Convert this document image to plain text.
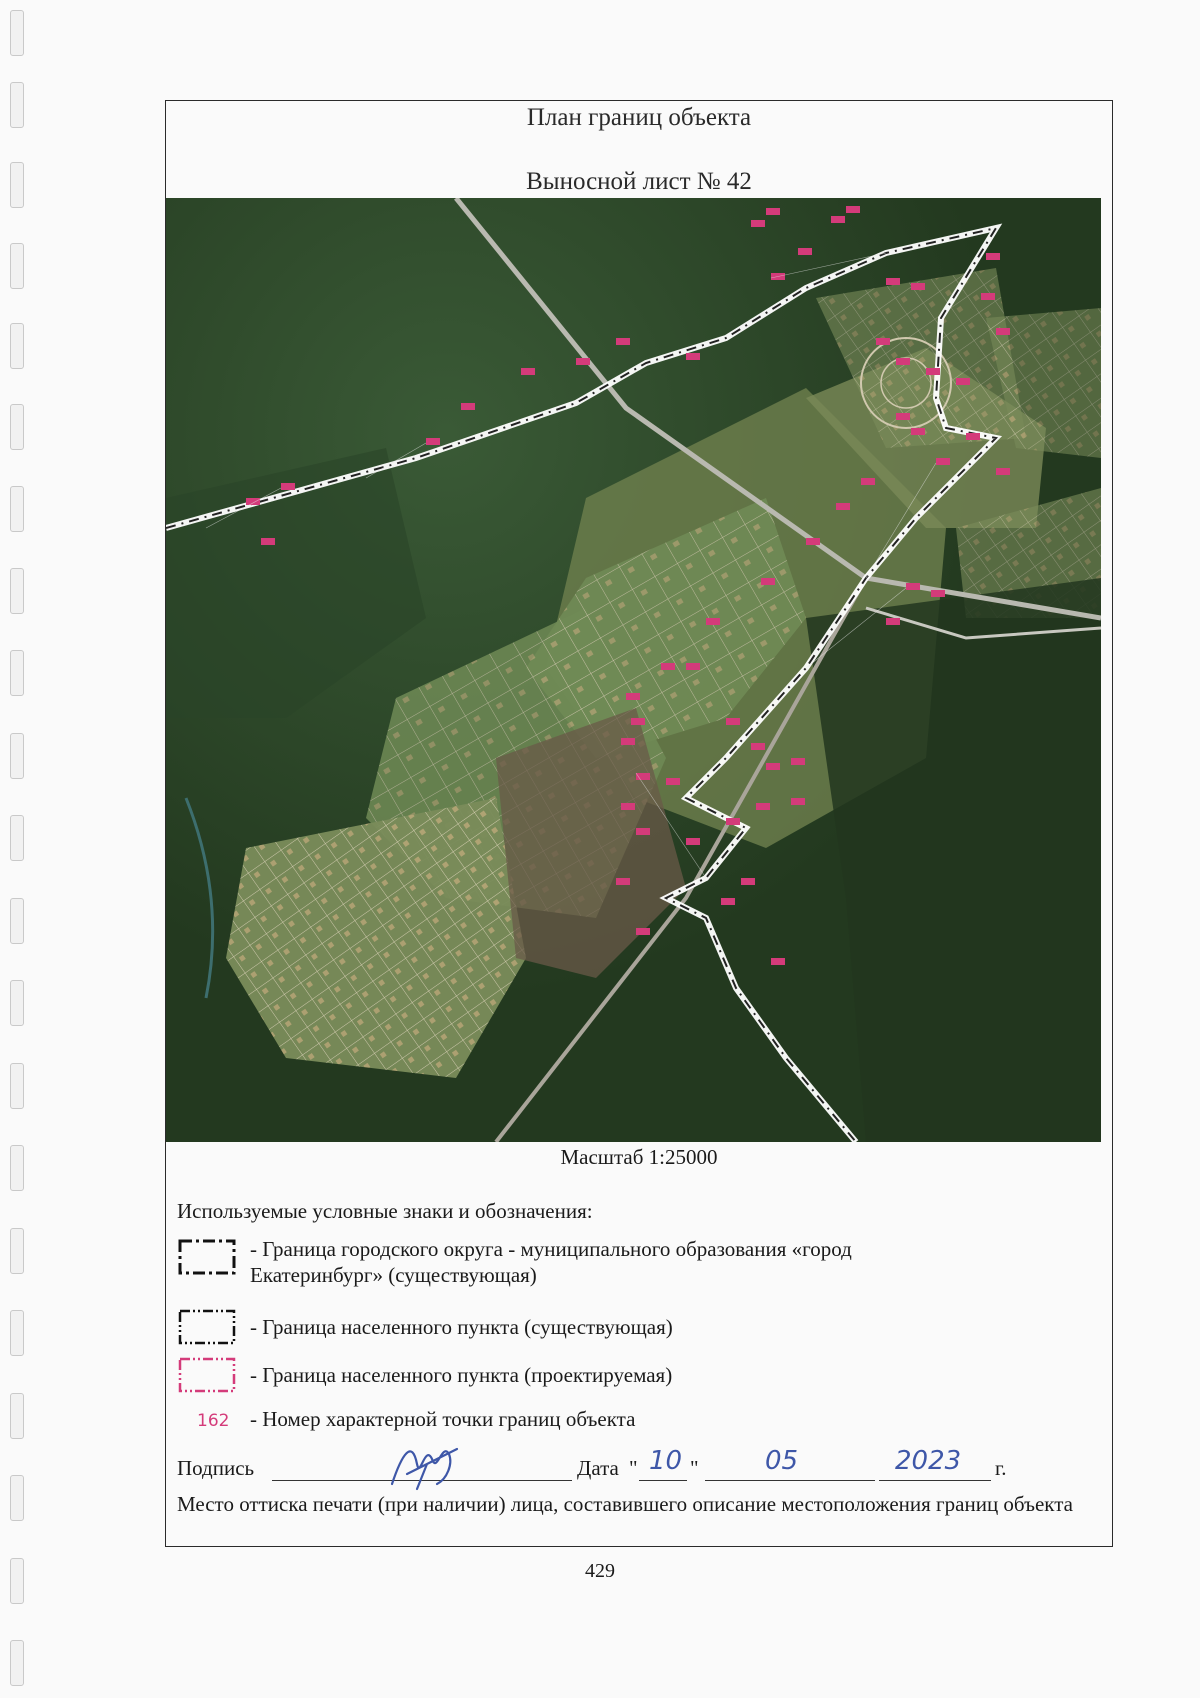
План границ объекта
Выносной лист № 42
Масштаб 1:25000
Используемые условные знаки и обозначения:
- Граница городского округа - муниципального образования «город Екатеринбург» (существующая)
- Граница населенного пункта (существующая)
- Граница населенного пункта (проектируемая)
162 - Номер характерной точки границ объекта
Подпись	Дата " 10 "	05	2023 г.
Место оттиска печати (при наличии) лица, составившего описание местоположения границ объекта
429
